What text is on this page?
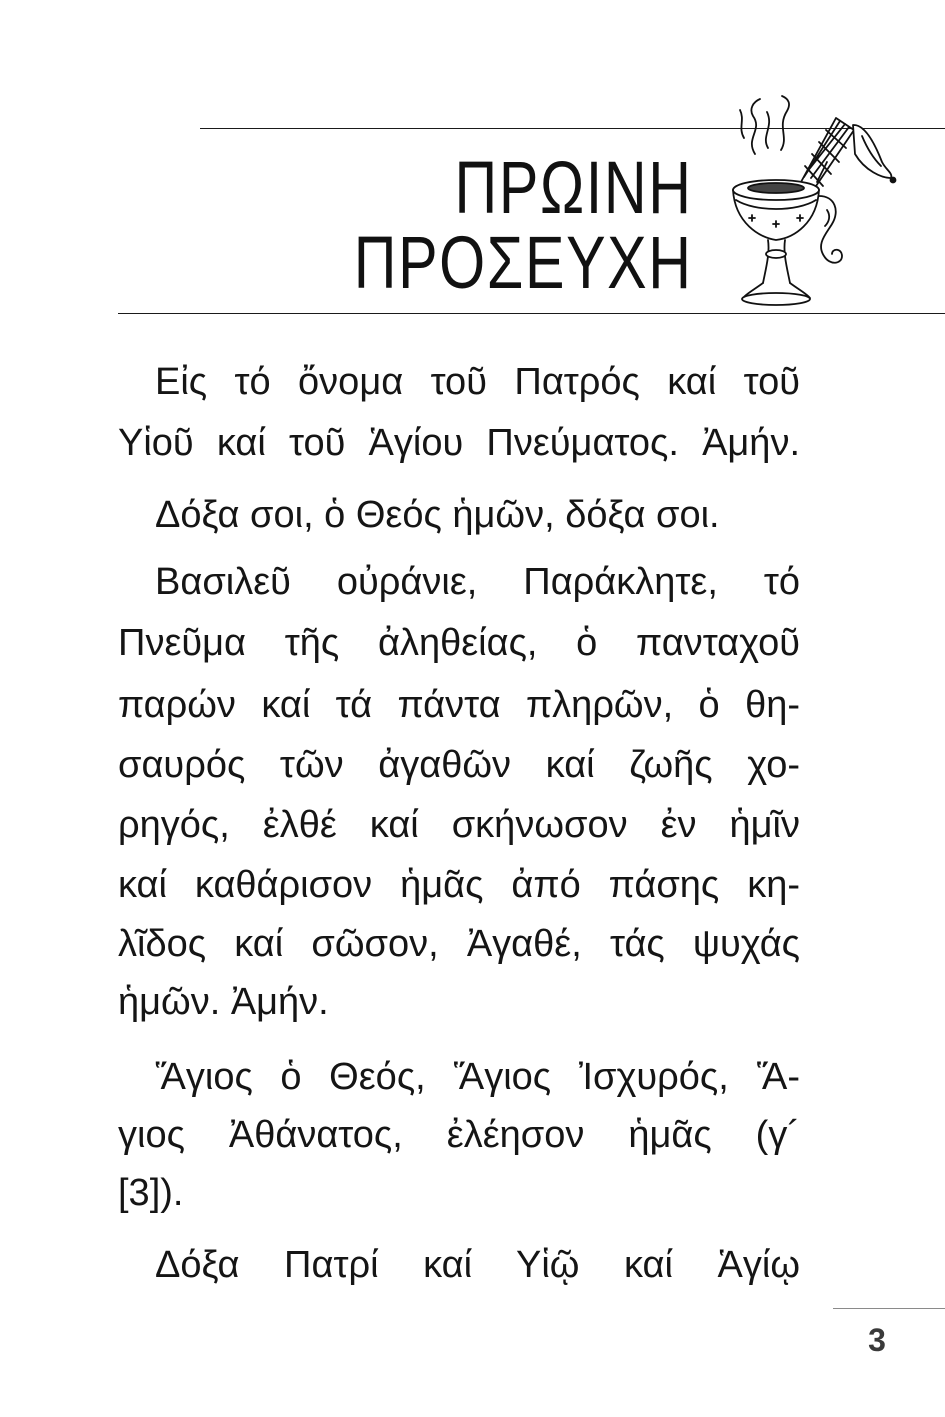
ΠΡΩΙΝΗ
ΠΡΟΣΕΥΧΗ
Εἰς τό ὄνομα τοῦ Πατρός καί τοῦ
Υἱοῦ καί τοῦ Ἁγίου Πνεύματος. Ἀμήν.
Δόξα σοι, ὁ Θεός ἡμῶν, δόξα σοι.
Βασιλεῦ οὐράνιε, Παράκλητε, τό
Πνεῦμα τῆς ἀληθείας, ὁ πανταχοῦ
παρών καί τά πάντα πληρῶν, ὁ θη-
σαυρός τῶν ἀγαθῶν καί ζωῆς χο-
ρηγός, ἐλθέ καί σκήνωσον ἐν ἡμῖν
καί καθάρισον ἡμᾶς ἀπό πάσης κη-
λῖδος καί σῶσον, Ἀγαθέ, τάς ψυχάς
ἡμῶν. Ἀμήν.
Ἅγιος ὁ Θεός, Ἅγιος Ἰσχυρός, Ἅ-
γιος Ἀθάνατος, ἐλέησον ἡμᾶς (γ´
[3]).
Δόξα Πατρί καί Υἱῷ καί Ἁγίῳ
3
